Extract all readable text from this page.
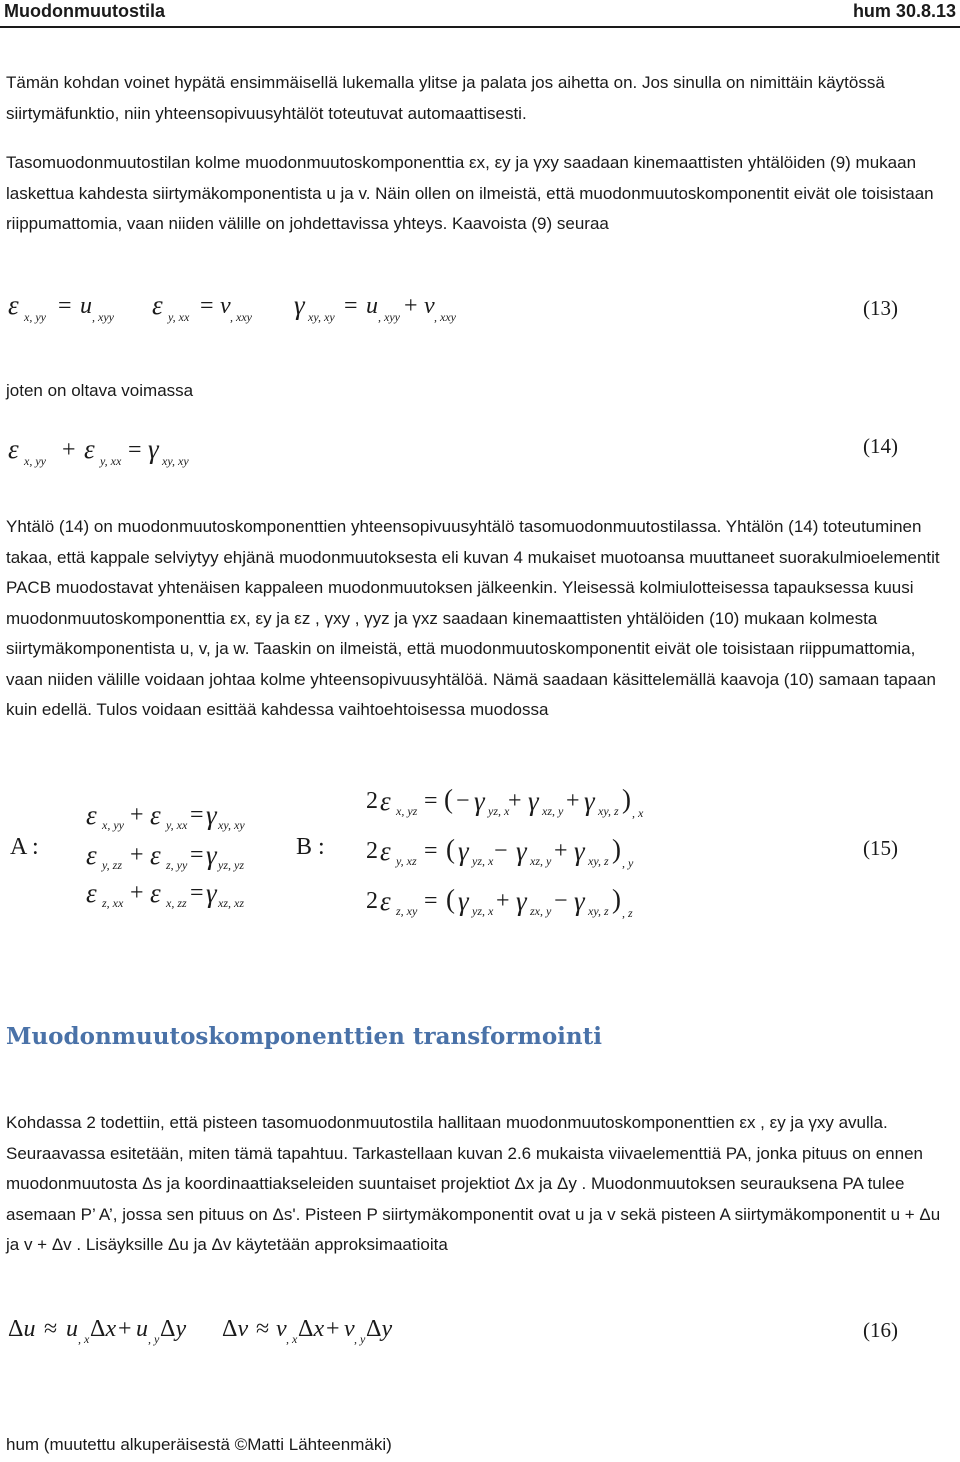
Muodonmuutostila	hum 30.8.13

Tämän kohdan voinet hypätä ensimmäisellä lukemalla ylitse ja palata jos aihetta on. Jos sinulla on nimittäin käytössä siirtymäfunktio, niin yhteensopivuusyhtälöt toteutuvat automaattisesti.

Tasomuodonmuutostilan kolme muodonmuutoskomponenttia εx, εy ja γxy saadaan kinemaattisten yhtälöiden (9) mukaan laskettua kahdesta siirtymäkomponentista u ja v. Näin ollen on ilmeistä, että muodonmuutoskomponentit eivät ole toisistaan riippumattomia, vaan niiden välille on johdettavissa yhteys. Kaavoista (9) seuraa

ε x, yy = u , xyy ε y, xx = v , xxy γ xy, xy = u , xyy + v , xxy	(13)

joten on oltava voimassa

ε x, yy + ε y, xx = γ xy, xy
(14)

Yhtälö (14) on muodonmuutoskomponenttien yhteensopivuusyhtälö tasomuodonmuutostilassa. Yhtälön (14) toteutuminen takaa, että kappale selviytyy ehjänä muodonmuutoksesta eli kuvan 4 mukaiset muotoansa muuttaneet suorakulmioelementit PACB muodostavat yhtenäisen kappaleen muodonmuutoksen jälkeenkin. Yleisessä kolmiulotteisessa tapauksessa kuusi muodonmuutoskomponenttia εx, εy ja εz , γxy , γyz ja γxz saadaan kinemaattisten yhtälöiden (10) mukaan kolmesta siirtymäkomponentista u, v, ja w. Taaskin on ilmeistä, että muodonmuutoskomponentit eivät ole toisistaan riippumattomia, vaan niiden välille voidaan johtaa kolme yhteensopivuusyhtälöä. Nämä saadaan käsittelemällä kaavoja (10) samaan tapaan kuin edellä. Tulos voidaan esittää kahdessa vaihtoehtoisessa muodossa

A :
ε x, yy + ε y, xx = γ xy, xy
ε y, zz + ε z, yy = γ yz, yz
ε z, xx + ε x, zz = γ xz, xz
B :
2 ε x, yz = ( − γ yz, x
+ γ xz, y + γ xy, z ) , x
2 ε y, xz = ( γ yz, x − γ xz, y + γ xy, z ) , y
2 ε z, xy = ( γ yz, x + γ zx, y − γ xy, z ) , z
(15)
Muodonmuutoskomponenttien transformointi

Kohdassa 2 todettiin, että pisteen tasomuodonmuutostila hallitaan muodonmuutoskomponenttien εx , εy ja γxy avulla. Seuraavassa esitetään, miten tämä tapahtuu. Tarkastellaan kuvan 2.6 mukaista viivaelementtiä PA, jonka pituus on ennen muodonmuutosta Δs ja koordinaattiakseleiden suuntaiset projektiot Δx ja Δy . Muodonmuutoksen seurauksena PA tulee asemaan P’ A’, jossa sen pituus on Δs'. Pisteen P siirtymäkomponentit ovat u ja v sekä pisteen A siirtymäkomponentit u + Δu ja v + Δv . Lisäyksille Δu ja Δv käytetään approksimaatioita

Δu ≈ u , x Δx + u , y Δy Δv ≈ v , x Δx + v , y Δy	(16)
hum (muutettu alkuperäisestä ©Matti Lähteenmäki)
